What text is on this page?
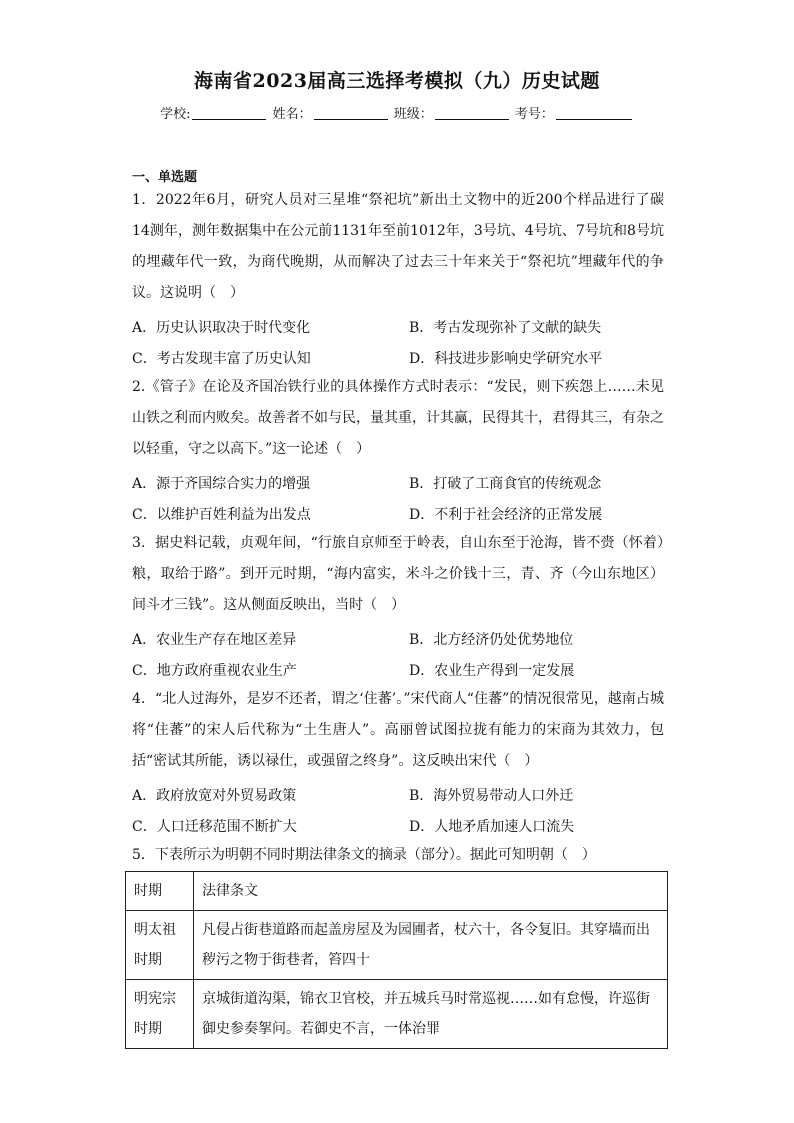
海南省2023届高三选择考模拟（九）历史试题
学校:	姓名：	班级：	考号：
一、单选题
1．2022年6月，研究人员对三星堆“祭祀坑”新出土文物中的近200个样品进行了碳14测年，测年数据集中在公元前1131年至前1012年，3号坑、4号坑、7号坑和8号坑的埋藏年代一致，为商代晚期，从而解决了过去三十年来关于“祭祀坑”埋藏年代的争议。这说明（　）
A．历史认识取决于时代变化	B．考古发现弥补了文献的缺失
C．考古发现丰富了历史认知	D．科技进步影响史学研究水平
2.《管子》在论及齐国冶铁行业的具体操作方式时表示：“发民，则下疾怨上……未见山铁之利而内败矣。故善者不如与民，量其重，计其赢，民得其十，君得其三，有杂之以轻重，守之以高下。”这一论述（　）
A．源于齐国综合实力的增强	B．打破了工商食官的传统观念
C．以维护百姓利益为出发点	D．不利于社会经济的正常发展
3．据史料记载，贞观年间，“行旅自京师至于岭表，自山东至于沧海，皆不赍（怀着）粮，取给于路”。到开元时期，“海内富实，米斗之价钱十三，青、齐（今山东地区）间斗才三钱”。这从侧面反映出，当时（　）
A．农业生产存在地区差异	B．北方经济仍处优势地位
C．地方政府重视农业生产	D．农业生产得到一定发展
4．“北人过海外，是岁不还者，谓之‘住蕃’。”宋代商人“住蕃”的情况很常见，越南占城将“住蕃”的宋人后代称为“土生唐人”。高丽曾试图拉拢有能力的宋商为其效力，包括“密试其所能，诱以禄仕，或强留之终身”。这反映出宋代（　）
A．政府放宽对外贸易政策	B．海外贸易带动人口外迁
C．人口迁移范围不断扩大	D．人地矛盾加速人口流失
5．下表所示为明朝不同时期法律条文的摘录（部分）。据此可知明朝（　）
时期	法律条文
明太祖时期	凡侵占街巷道路而起盖房屋及为园圃者，杖六十，各令复旧。其穿墙而出秽污之物于街巷者，笞四十
明宪宗时期	京城街道沟渠，锦衣卫官校，并五城兵马时常巡视……如有怠慢，许巡街御史参奏挐问。若御史不言，一体治罪
